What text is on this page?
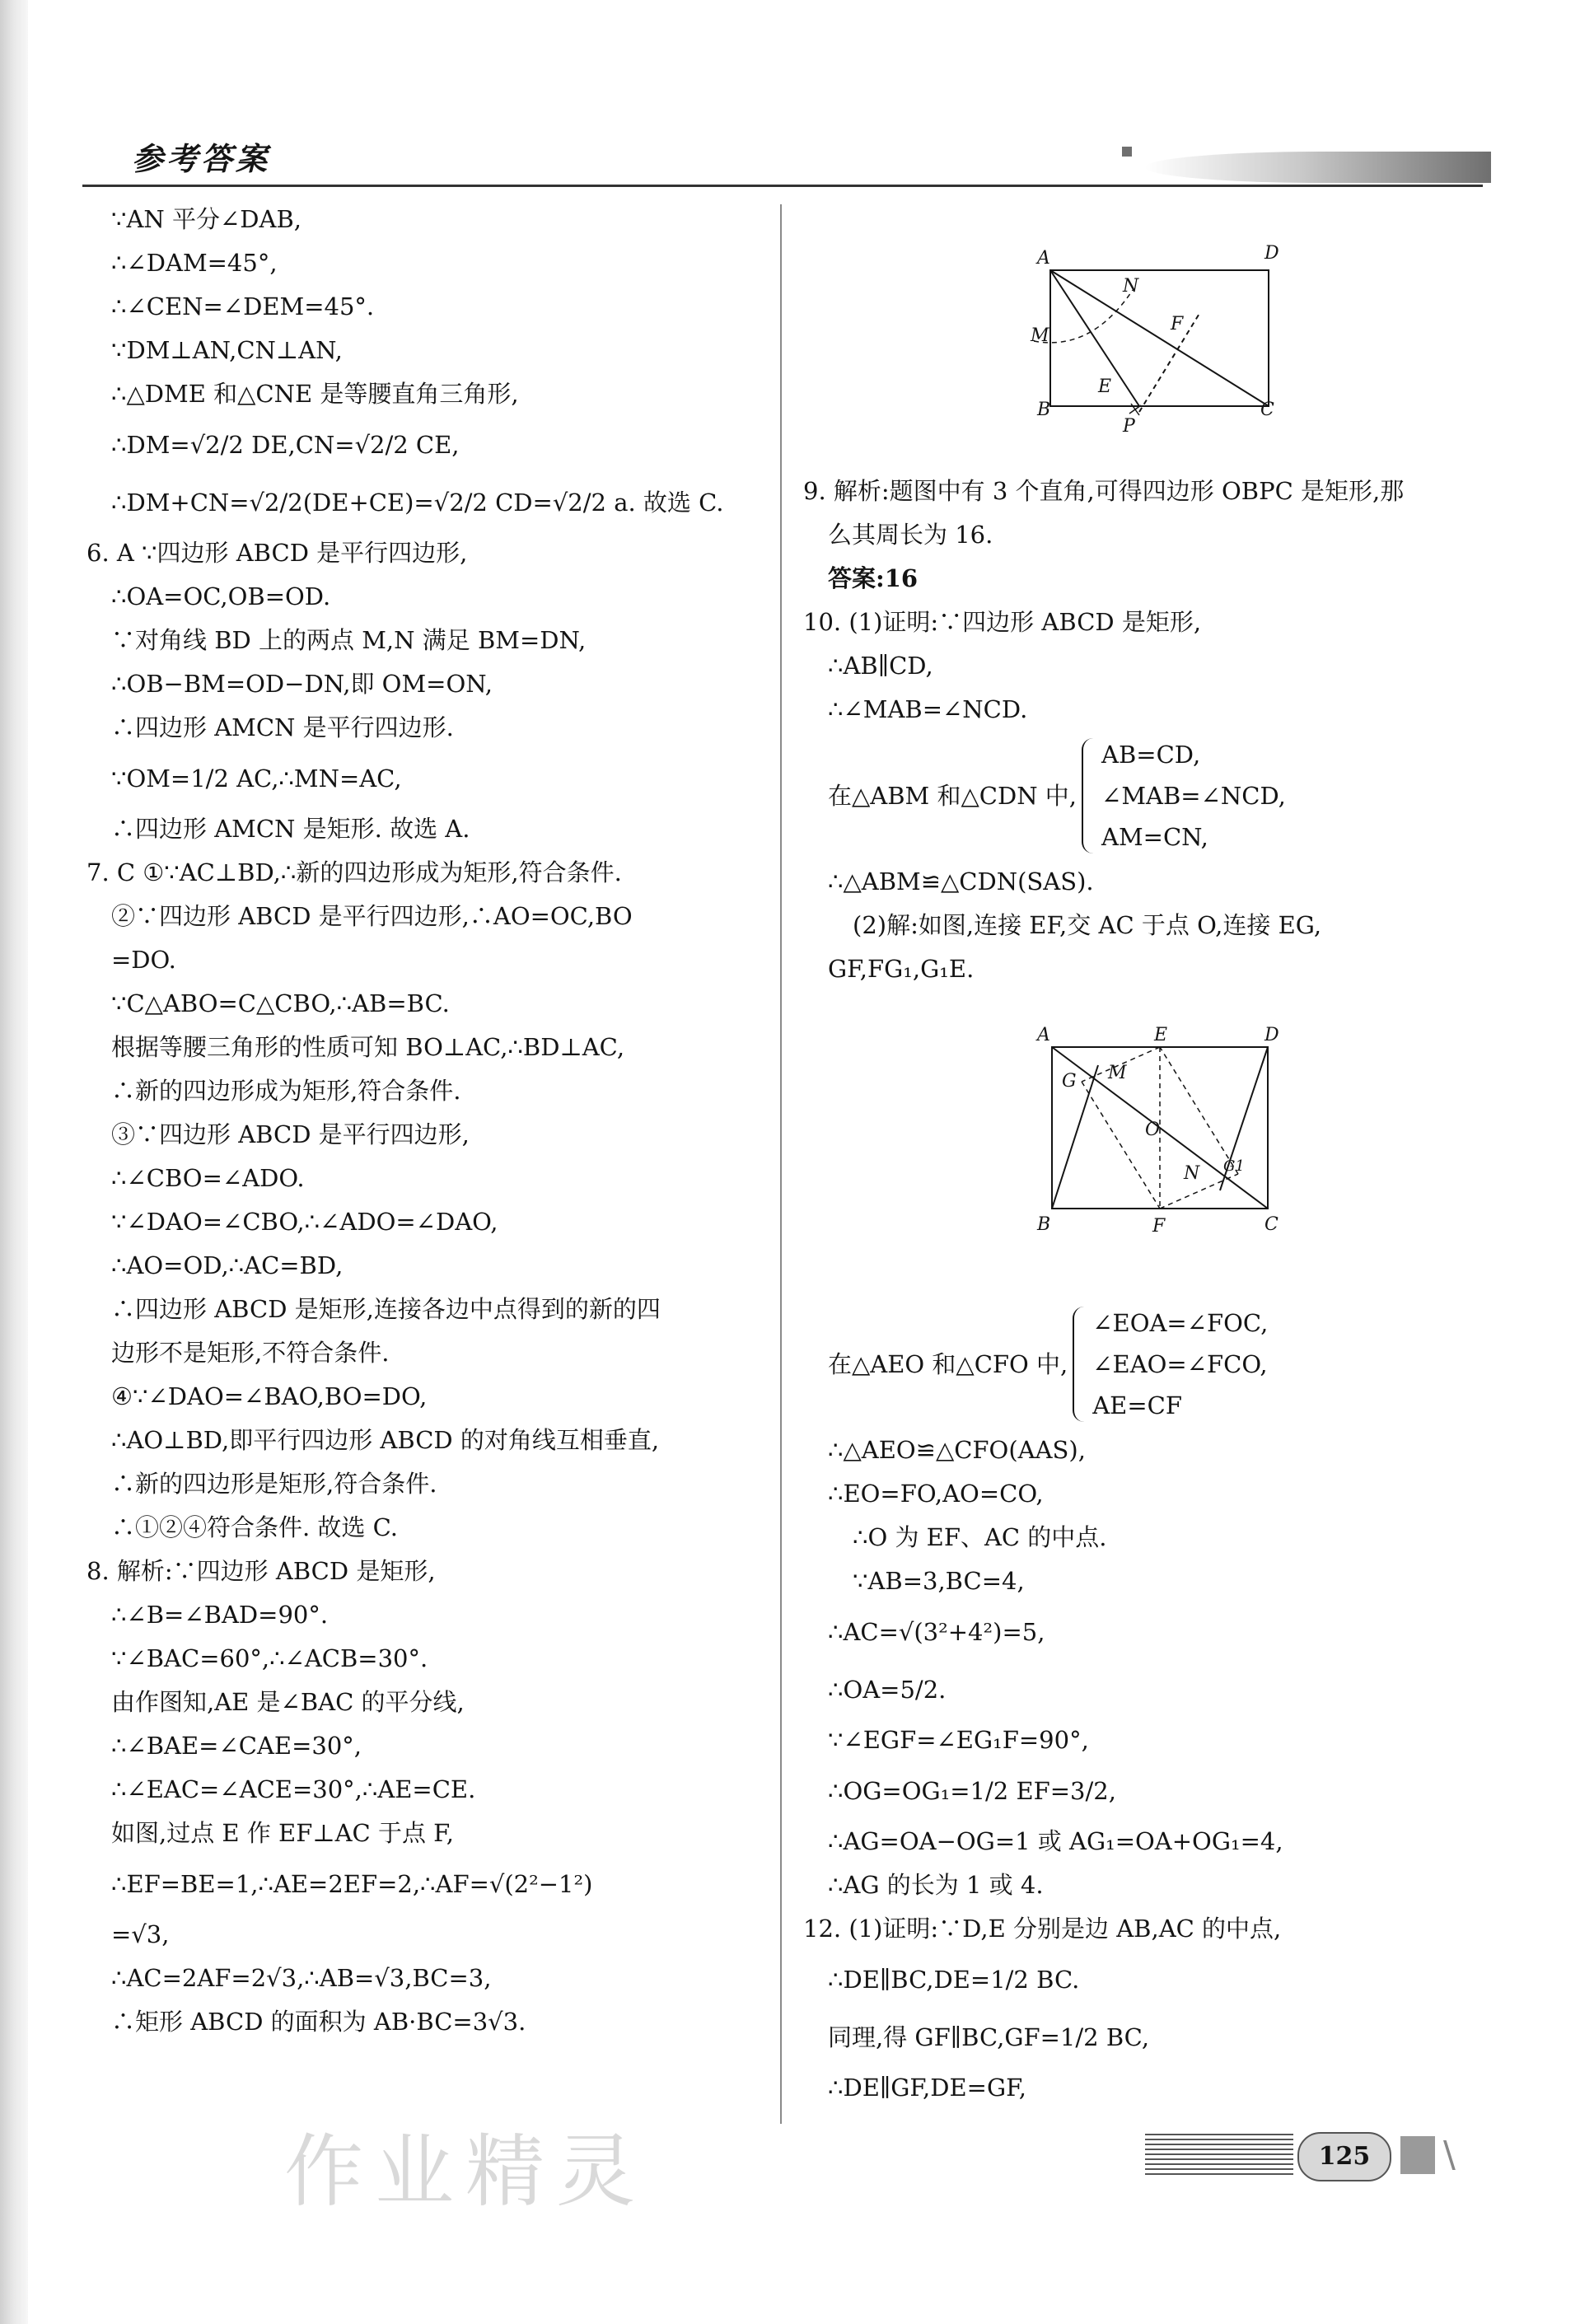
参考答案
∵AN 平分∠DAB,
∴∠DAM=45°,
∴∠CEN=∠DEM=45°.
∵DM⊥AN,CN⊥AN,
∴△DME 和△CNE 是等腰直角三角形,
∴DM=√2/2 DE,CN=√2/2 CE,
∴DM+CN=√2/2(DE+CE)=√2/2 CD=√2/2 a. 故选 C.
6. A ∵四边形 ABCD 是平行四边形,
∴OA=OC,OB=OD.
∵对角线 BD 上的两点 M,N 满足 BM=DN,
∴OB−BM=OD−DN,即 OM=ON,
∴四边形 AMCN 是平行四边形.
∵OM=1/2 AC,∴MN=AC,
∴四边形 AMCN 是矩形. 故选 A.
7. C ①∵AC⊥BD,∴新的四边形成为矩形,符合条件.
②∵四边形 ABCD 是平行四边形,∴AO=OC,BO
=DO.
∵C△ABO=C△CBO,∴AB=BC.
根据等腰三角形的性质可知 BO⊥AC,∴BD⊥AC,
∴新的四边形成为矩形,符合条件.
③∵四边形 ABCD 是平行四边形,
∴∠CBO=∠ADO.
∵∠DAO=∠CBO,∴∠ADO=∠DAO,
∴AO=OD,∴AC=BD,
∴四边形 ABCD 是矩形,连接各边中点得到的新的四
边形不是矩形,不符合条件.
④∵∠DAO=∠BAO,BO=DO,
∴AO⊥BD,即平行四边形 ABCD 的对角线互相垂直,
∴新的四边形是矩形,符合条件.
∴①②④符合条件. 故选 C.
8. 解析:∵四边形 ABCD 是矩形,
∴∠B=∠BAD=90°.
∵∠BAC=60°,∴∠ACB=30°.
由作图知,AE 是∠BAC 的平分线,
∴∠BAE=∠CAE=30°,
∴∠EAC=∠ACE=30°,∴AE=CE.
如图,过点 E 作 EF⊥AC 于点 F,
∴EF=BE=1,∴AE=2EF=2,∴AF=√(2²−1²)
=√3,
∴AC=2AF=2√3,∴AB=√3,BC=3,
∴矩形 ABCD 的面积为 AB·BC=3√3.
A	D
N
F
M
E
B
P
C
9. 解析:题图中有 3 个直角,可得四边形 OBPC 是矩形,那
么其周长为 16.
答案:16
10. (1)证明:∵四边形 ABCD 是矩形,
∴AB∥CD,
∴∠MAB=∠NCD.
在△ABM 和△CDN 中,
AB=CD,
∠MAB=∠NCD,
AM=CN,
∴△ABM≌△CDN(SAS).
(2)解:如图,连接 EF,交 AC 于点 O,连接 EG,
GF,FG₁,G₁E.
在△AEO 和△CFO 中,
∠EOA=∠FOC,
∠EAO=∠FCO,
AE=CF
∴△AEO≌△CFO(AAS),
∴EO=FO,AO=CO,
∴O 为 EF、AC 的中点.
∵AB=3,BC=4,
∴AC=√(3²+4²)=5,
∴OA=5/2.
∵∠EGF=∠EG₁F=90°,
∴OG=OG₁=1/2 EF=3/2,
∴AG=OA−OG=1 或 AG₁=OA+OG₁=4,
∴AG 的长为 1 或 4.
12. (1)证明:∵D,E 分别是边 AB,AC 的中点,
∴DE∥BC,DE=1/2 BC.
同理,得 GF∥BC,GF=1/2 BC,
∴DE∥GF,DE=GF,
A	E	D
G M
O
N G1
B	F	C
125	\
作业精灵
